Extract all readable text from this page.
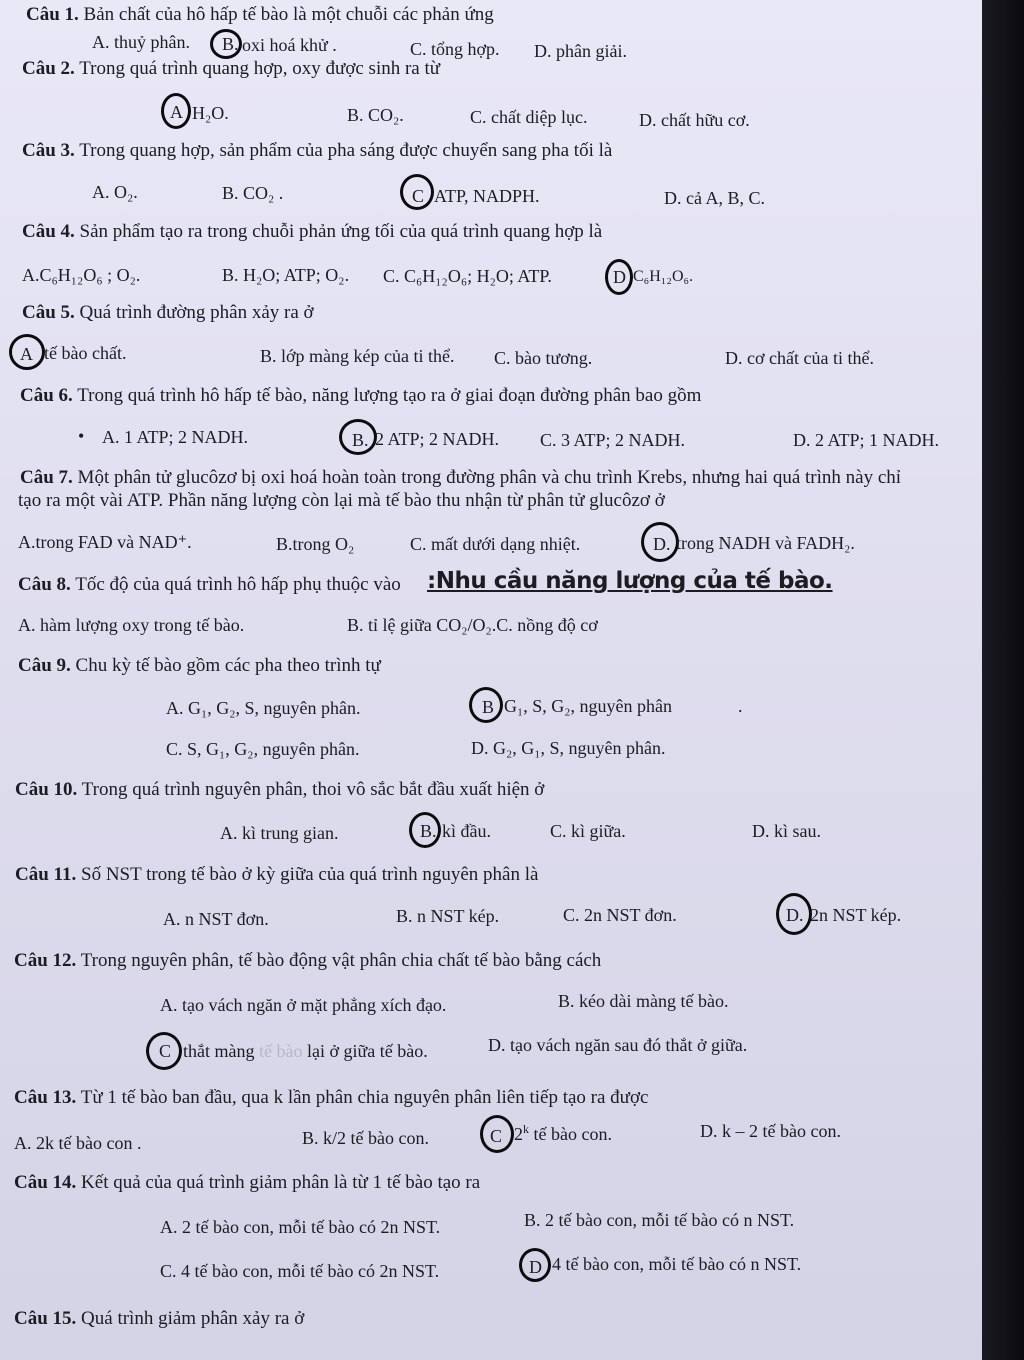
Câu 1. Bản chất của hô hấp tế bào là một chuỗi các phản ứng
A. thuỷ phân. B. oxi hoá khử .	C. tổng hợp. D. phân giải.
Câu 2. Trong quá trình quang hợp, oxy được sinh ra từ
A H₂O.	B. CO₂.	C. chất diệp lục.	D. chất hữu cơ.
Câu 3. Trong quang hợp, sản phẩm của pha sáng được chuyển sang pha tối là
A. O₂.	B. CO₂ .	C ATP, NADPH.	D. cả A, B, C.
Câu 4. Sản phẩm tạo ra trong chuỗi phản ứng tối của quá trình quang hợp là
A.C₆H₁₂O₆ ; O₂.	B. H₂O; ATP; O₂. C. C₆H₁₂O₆; H₂O; ATP.	D C₆H₁₂O₆.
Câu 5. Quá trình đường phân xảy ra ở
A tế bào chất.	B. lớp màng kép của ti thể. C. bào tương.	D. cơ chất của ti thể.
Câu 6. Trong quá trình hô hấp tế bào, năng lượng tạo ra ở giai đoạn đường phân bao gồm
• A. 1 ATP; 2 NADH.	B. 2 ATP; 2 NADH. C. 3 ATP; 2 NADH.	D. 2 ATP; 1 NADH.
Câu 7. Một phân tử glucôzơ bị oxi hoá hoàn toàn trong đường phân và chu trình Krebs, nhưng hai quá trình này chỉ
tạo ra một vài ATP. Phần năng lượng còn lại mà tế bào thu nhận từ phân tử glucôzơ ở
A.trong FAD và NAD⁺.	B.trong O₂	C. mất dưới dạng nhiệt.	D. trong NADH và FADH₂.
Câu 8. Tốc độ của quá trình hô hấp phụ thuộc vào :Nhu cầu năng lượng của tế bào.
A. hàm lượng oxy trong tế bào.	B. tỉ lệ giữa CO₂/O₂.C. nồng độ cơ
Câu 9. Chu kỳ tế bào gồm các pha theo trình tự
A. G₁, G₂, S, nguyên phân.	B G₁, S, G₂, nguyên phân	.
C. S, G₁, G₂, nguyên phân.	D. G₂, G₁, S, nguyên phân.
Câu 10. Trong quá trình nguyên phân, thoi vô sắc bắt đầu xuất hiện ở
A. kì trung gian.	B. kì đầu.	C. kì giữa.	D. kì sau.
Câu 11. Số NST trong tế bào ở kỳ giữa của quá trình nguyên phân là
A. n NST đơn.	B. n NST kép.	C. 2n NST đơn.	D. 2n NST kép.
Câu 12. Trong nguyên phân, tế bào động vật phân chia chất tế bào bằng cách
A. tạo vách ngăn ở mặt phẳng xích đạo.	B. kéo dài màng tế bào.
C thắt màng tế bào lại ở giữa tế bào.	D. tạo vách ngăn sau đó thắt ở giữa.
Câu 13. Từ 1 tế bào ban đầu, qua k lần phân chia nguyên phân liên tiếp tạo ra được
A. 2k tế bào con .	B. k/2 tế bào con.	C 2$^k$ tế bào con.	D. k – 2 tế bào con.
Câu 14. Kết quả của quá trình giảm phân là từ 1 tế bào tạo ra
A. 2 tế bào con, mỗi tế bào có 2n NST.	B. 2 tế bào con, mỗi tế bào có n NST.
C. 4 tế bào con, mỗi tế bào có 2n NST.	D 4 tế bào con, mỗi tế bào có n NST.
Câu 15. Quá trình giảm phân xảy ra ở
